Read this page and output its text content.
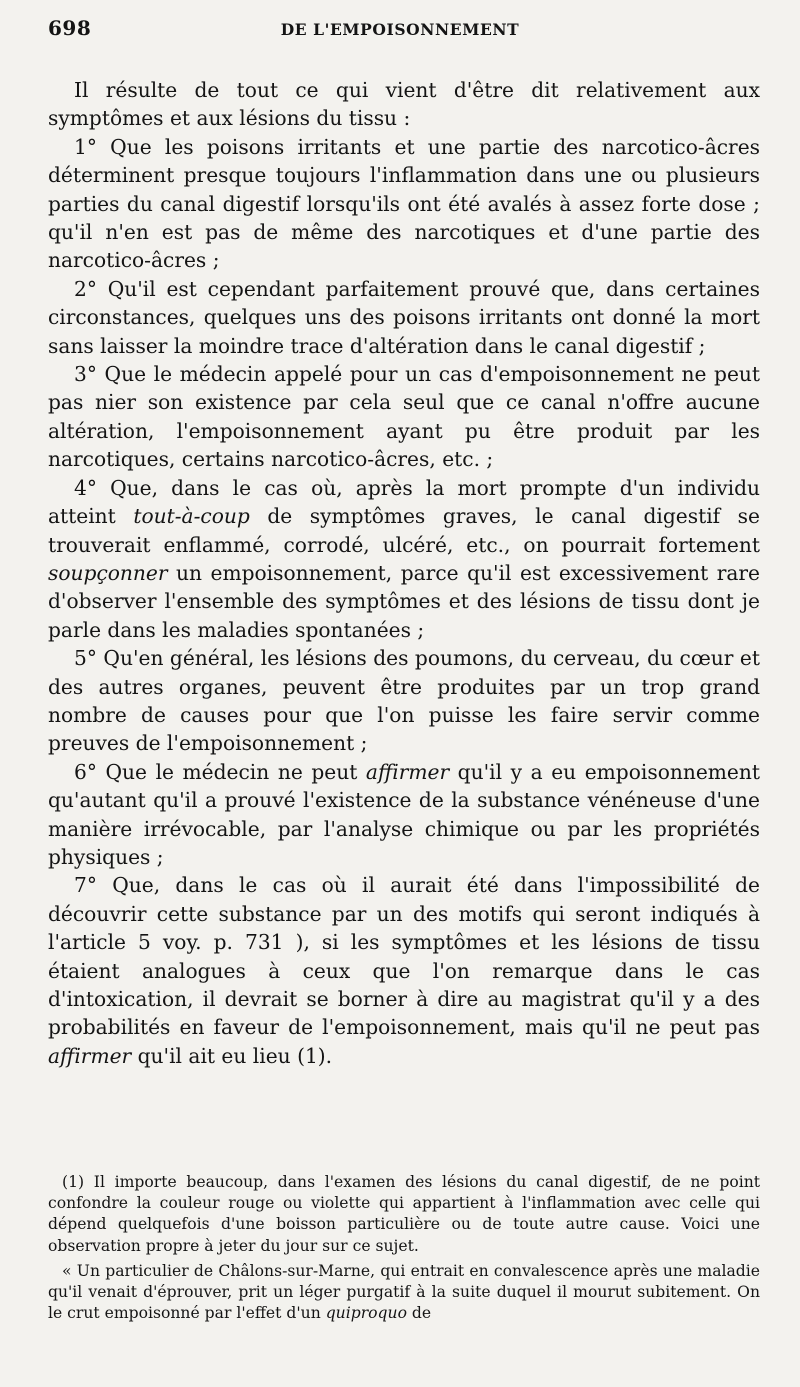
698	DE L'EMPOISONNEMENT

Il résulte de tout ce qui vient d'être dit relativement aux symptômes et aux lésions du tissu :

1° Que les poisons irritants et une partie des narcotico-âcres déterminent presque toujours l'inflammation dans une ou plusieurs parties du canal digestif lorsqu'ils ont été avalés à assez forte dose ; qu'il n'en est pas de même des narcotiques et d'une partie des narcotico-âcres ;

2° Qu'il est cependant parfaitement prouvé que, dans certaines circonstances, quelques uns des poisons irritants ont donné la mort sans laisser la moindre trace d'altération dans le canal digestif ;

3° Que le médecin appelé pour un cas d'empoisonnement ne peut pas nier son existence par cela seul que ce canal n'offre aucune altération, l'empoisonnement ayant pu être produit par les narcotiques, certains narcotico-âcres, etc. ;

4° Que, dans le cas où, après la mort prompte d'un individu atteint tout-à-coup de symptômes graves, le canal digestif se trouverait enflammé, corrodé, ulcéré, etc., on pourrait fortement soupçonner un empoisonnement, parce qu'il est excessivement rare d'observer l'ensemble des symptômes et des lésions de tissu dont je parle dans les maladies spontanées ;

5° Qu'en général, les lésions des poumons, du cerveau, du cœur et des autres organes, peuvent être produites par un trop grand nombre de causes pour que l'on puisse les faire servir comme preuves de l'empoisonnement ;

6° Que le médecin ne peut affirmer qu'il y a eu empoisonnement qu'autant qu'il a prouvé l'existence de la substance vénéneuse d'une manière irrévocable, par l'analyse chimique ou par les propriétés physiques ;

7° Que, dans le cas où il aurait été dans l'impossibilité de découvrir cette substance par un des motifs qui seront indiqués à l'article 5 voy. p. 731 ), si les symptômes et les lésions de tissu étaient analogues à ceux que l'on remarque dans le cas d'intoxication, il devrait se borner à dire au magistrat qu'il y a des probabilités en faveur de l'empoisonnement, mais qu'il ne peut pas affirmer qu'il ait eu lieu (1).

(1) Il importe beaucoup, dans l'examen des lésions du canal digestif, de ne point confondre la couleur rouge ou violette qui appartient à l'inflammation avec celle qui dépend quelquefois d'une boisson particulière ou de toute autre cause. Voici une observation propre à jeter du jour sur ce sujet.

« Un particulier de Châlons-sur-Marne, qui entrait en convalescence après une maladie qu'il venait d'éprouver, prit un léger purgatif à la suite duquel il mourut subitement. On le crut empoisonné par l'effet d'un quiproquo de
